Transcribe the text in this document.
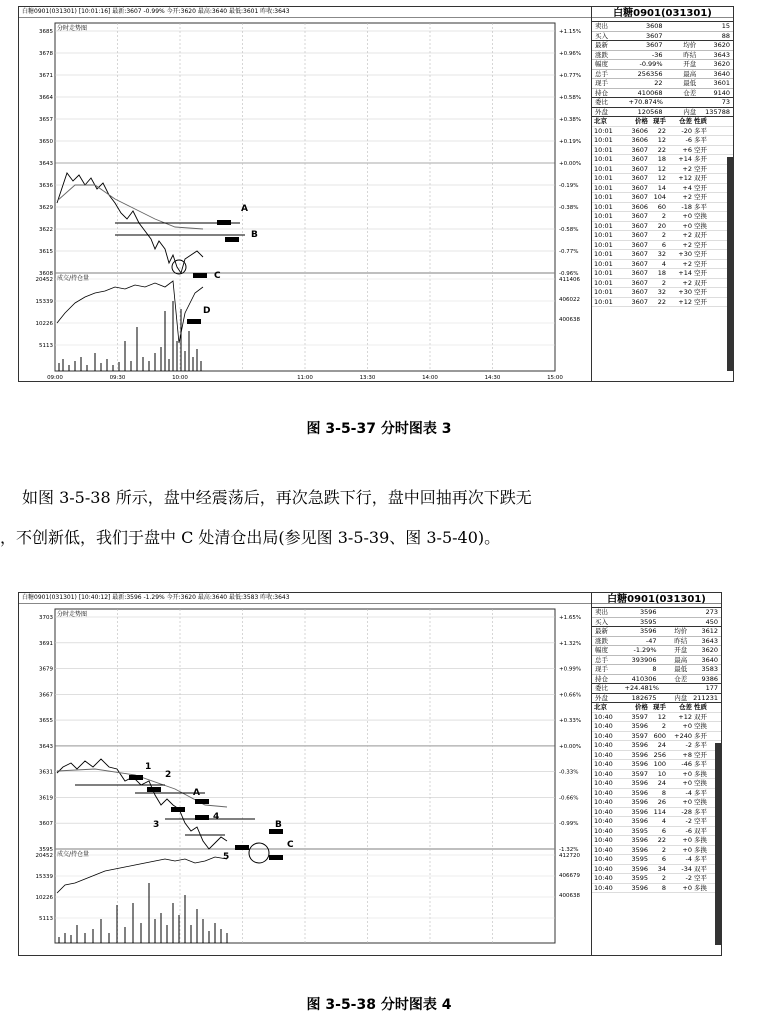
白糖0901(031301) [10:01:16] 最新:3607 -0.99% 今开:3620 最高:3640 最低:3601 昨收:3643
分时走势图
3685	+1.15%
3678	+0.96%
3671	+0.77%
3664	+0.58%
3657	+0.38%
3650	+0.19%
3643	+0.00%
3636	-0.19%
3629	-0.38%
3622	-0.58%
3615	-0.77%
3608	-0.96%
成交/持仓量
20452
15339
10226
5113
411406
406022
400638
09:00	09:30	10:00	11:00	13:30	14:00	14:30	15:00
A
B
C
D
白糖0901(031301)
卖出	3608	15
买入	3607	88
最新	3607	均价	3620
涨跌	-36	昨结	3643
幅度	-0.99%	开盘	3620
总手	256356	最高	3640
现手	22	最低	3601
持仓	410068	仓差	9140
委比	+70.874%	73
外盘	120568	内盘	135788
北京	价格 现手	仓差 性质
10:01	3606	22	-20 多平
10:01	3606	12	-6 多平
10:01	3607	22	+6 空开
10:01	3607	18	+14 多开
10:01	3607	12	+2 空开
10:01	3607	12	+12 双开
10:01	3607	14	+4 空开
10:01	3607 104	+2 空开
10:01	3606	60	-18 多平
10:01	3607	2	+0 空换
10:01	3607	20	+0 空换
10:01	3607	2	+2 双开
10:01	3607	6	+2 空开
10:01	3607	32	+30 空开
10:01	3607	4	+2 空开
10:01	3607	18	+14 空开
10:01	3607	2	+2 双开
10:01	3607	32	+30 空开
10:01	3607	22	+12 空开
图 3-5-37 分时图表 3
如图 3-5-38 所示，盘中经震荡后，再次急跌下行，盘中回抽再次下跌无
，不创新低，我们于盘中 C 处清仓出局(参见图 3-5-39、图 3-5-40)。
白糖0901(031301) [10:40:12] 最新:3596 -1.29% 今开:3620 最高:3640 最低:3583 昨收:3643
分时走势图
3703	+1.65%
3691	+1.32%
3679	+0.99%
3667	+0.66%
3655	+0.33%
3643	+0.00%
3631	-0.33%
3619	-0.66%
3607	-0.99%
3595	-1.32%
成交/持仓量
20452
15339
10226
5113
412720
406679
400638
1
2
3
4
5
A
B
C
白糖0901(031301)
卖出	3596	273
买入	3595	450
最新	3596	均价	3612
涨跌	-47	昨结	3643
幅度	-1.29%	开盘	3620
总手	393906	最高	3640
现手	8	最低	3583
持仓	410306	仓差	9386
委比	+24.481%	177
外盘	182675	内盘 211231
北京	价格 现手	仓差 性质
10:40	3597	12	+12 双开
10:40	3596	2	+0 空换
10:40	3597 600	+240 多开
10:40	3596	24	-2 多平
10:40	3596 256	+8 空开
10:40	3596 100	-46 多平
10:40	3597	10	+0 多换
10:40	3596	24	+0 空换
10:40	3596	8	-4 多平
10:40	3596	26	+0 空换
10:40	3596 114	-28 多平
10:40	3596	4	-2 空平
10:40	3595	6	-6 双平
10:40	3596	22	+0 多换
10:40	3596	2	+0 多换
10:40	3595	6	-4 多平
10:40	3596	34	-34 双平
10:40	3595	2	-2 空平
10:40	3596	8	+0 多换
图 3-5-38 分时图表 4
